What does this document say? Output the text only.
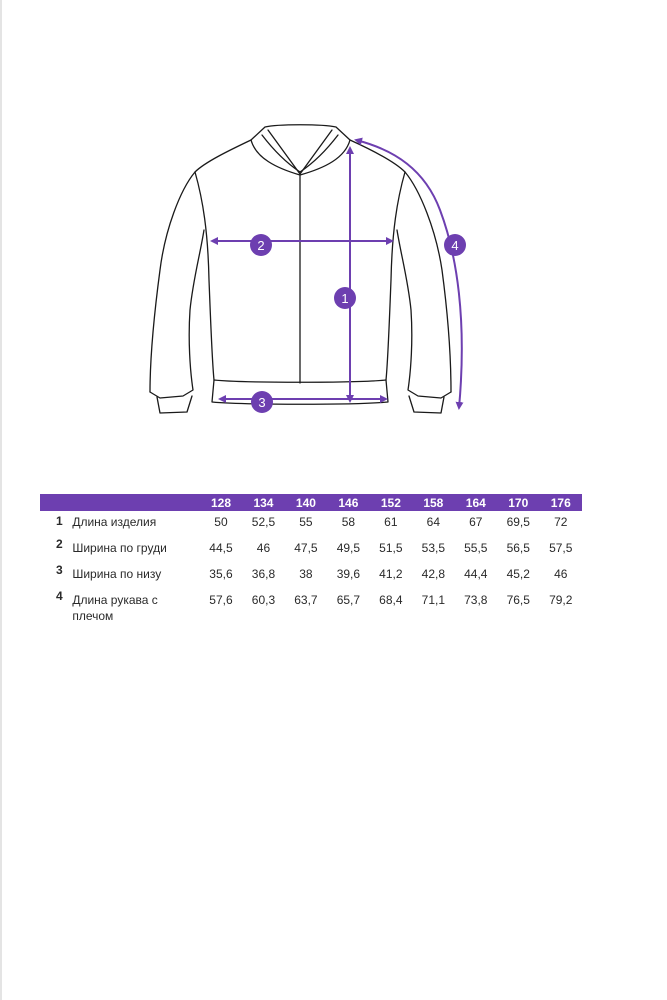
2
1
3
4
		128	134	140	146	152	158	164	170	176
1	Длина изделия	50	52,5	55	58	61	64	67	69,5	72
2	Ширина по груди	44,5	46	47,5	49,5	51,5	53,5	55,5	56,5	57,5
3	Ширина по низу	35,6	36,8	38	39,6	41,2	42,8	44,4	45,2	46
4	Длина рукава с плечом	57,6	60,3	63,7	65,7	68,4	71,1	73,8	76,5	79,2
